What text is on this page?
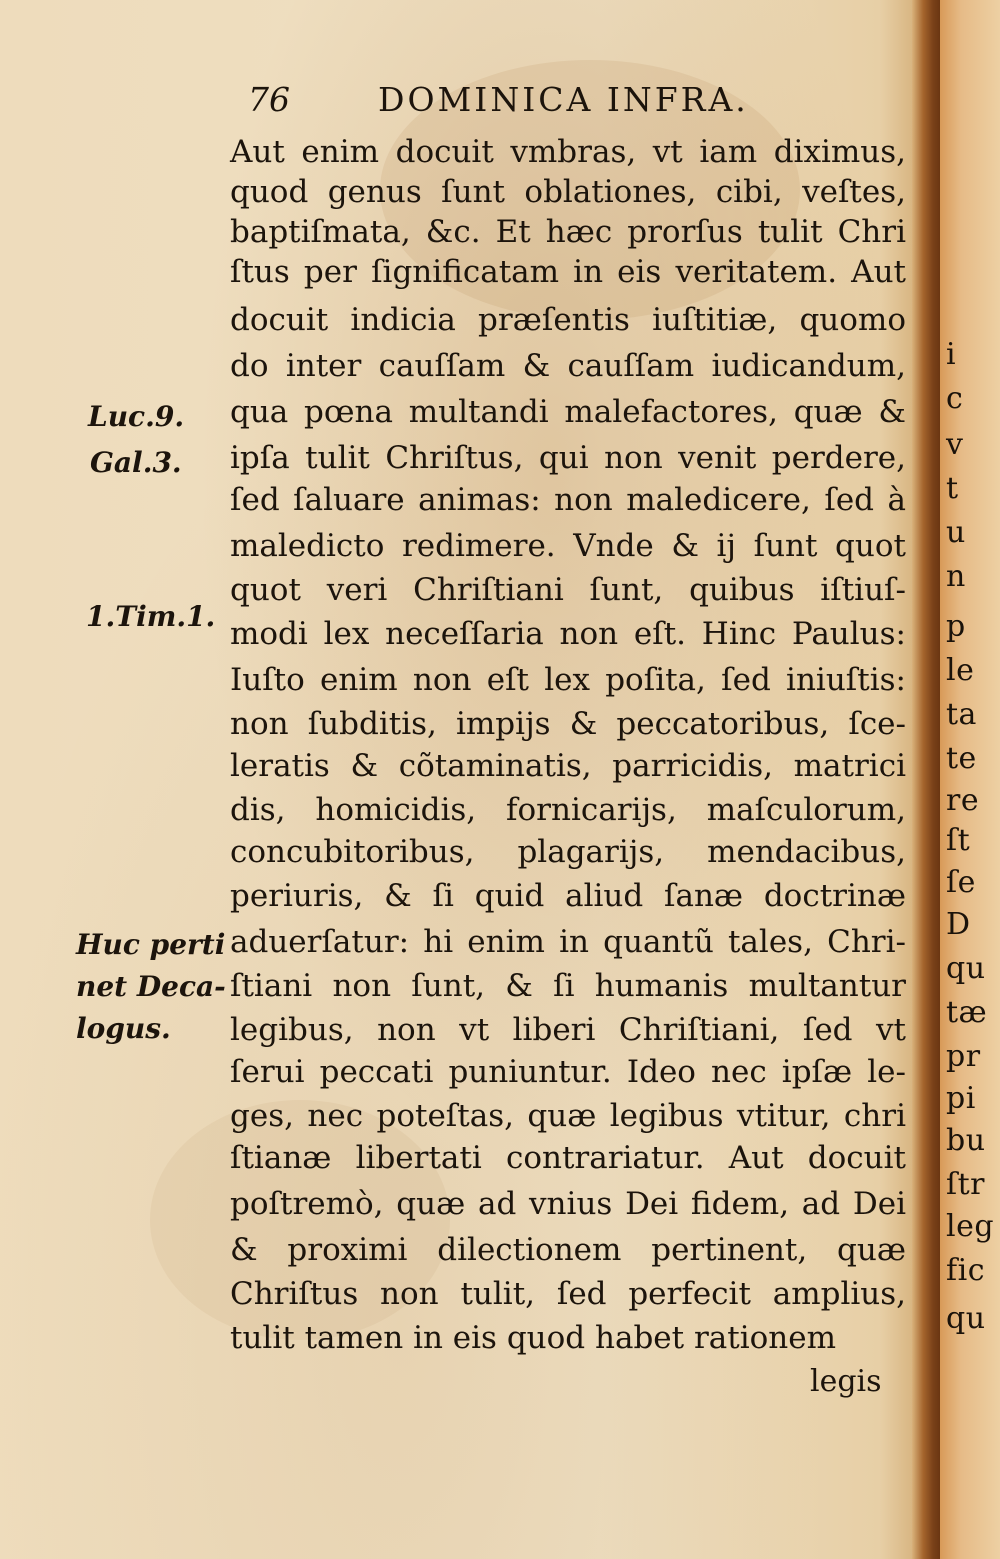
76	DOMINICA INFRA.
Aut enim docuit vmbras, vt iam diximus,
quod genus ſunt oblationes, cibi, veſtes,
baptiſmata, &c. Et hæc prorſus tulit Chri
ſtus per ſignificatam in eis veritatem. Aut
docuit indicia præſentis iuſtitiæ, quomo
do inter cauſſam & cauſſam iudicandum,
qua pœna multandi malefactores, quæ &
ipſa tulit Chriſtus, qui non venit perdere,
ſed ſaluare animas: non maledicere, ſed à
maledicto redimere. Vnde & ij ſunt quot
quot veri Chriſtiani ſunt, quibus iſtiuſ-
modi lex neceſſaria non eſt. Hinc Paulus:
Iuſto enim non eſt lex poſita, ſed iniuſtis:
non ſubditis, impijs & peccatoribus, ſce-
leratis & cõtaminatis, parricidis, matrici
dis, homicidis, fornicarijs, maſculorum,
concubitoribus, plagarijs, mendacibus,
periuris, & ſi quid aliud ſanæ doctrinæ
aduerſatur: hi enim in quantũ tales, Chri-
ſtiani non ſunt, & ſi humanis multantur
legibus, non vt liberi Chriſtiani, ſed vt
ſerui peccati puniuntur. Ideo nec ipſæ le-
ges, nec poteſtas, quæ legibus vtitur, chri
ſtianæ libertati contrariatur. Aut docuit
poſtremò, quæ ad vnius Dei fidem, ad Dei
& proximi dilectionem pertinent, quæ
Chriſtus non tulit, ſed perfecit amplius,
tulit tamen in eis quod habet rationem
legis
Luc.9.
Gal.3.
1.Tim.1.
Huc perti
net Deca-
logus.
i
c
v
t
u
n
p
le
ta
te
re
ſt
ſe
D
qu
tæ
pr
pi
bu
ſtr
leg
fic
qu
